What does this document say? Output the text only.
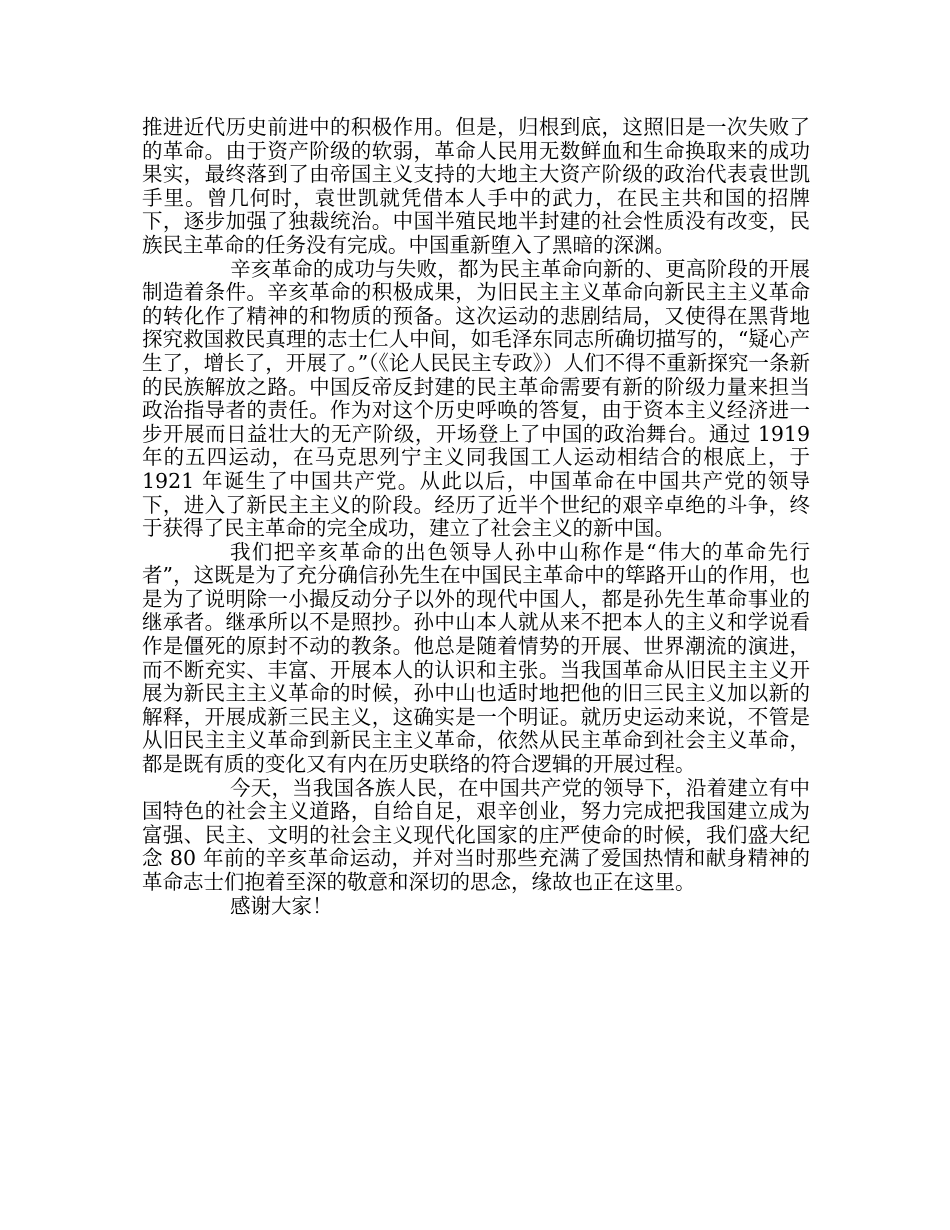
推进近代历史前进中的积极作用。但是，归根到底，这照旧是一次失败了的革命。由于资产阶级的软弱，革命人民用无数鲜血和生命换取来的成功果实，最终落到了由帝国主义支持的大地主大资产阶级的政治代表袁世凯手里。曾几何时，袁世凯就凭借本人手中的武力，在民主共和国的招牌下，逐步加强了独裁统治。中国半殖民地半封建的社会性质没有改变，民族民主革命的任务没有完成。中国重新堕入了黑暗的深渊。

辛亥革命的成功与失败，都为民主革命向新的、更高阶段的开展制造着条件。辛亥革命的积极成果，为旧民主主义革命向新民主主义革命的转化作了精神的和物质的预备。这次运动的悲剧结局，又使得在黑背地探究救国救民真理的志士仁人中间，如毛泽东同志所确切描写的，“疑心产生了，增长了，开展了。”（《论人民民主专政》）人们不得不重新探究一条新的民族解放之路。中国反帝反封建的民主革命需要有新的阶级力量来担当政治指导者的责任。作为对这个历史呼唤的答复，由于资本主义经济进一步开展而日益壮大的无产阶级，开场登上了中国的政治舞台。通过 1919 年的五四运动，在马克思列宁主义同我国工人运动相结合的根底上，于 1921 年诞生了中国共产党。从此以后，中国革命在中国共产党的领导下，进入了新民主主义的阶段。经历了近半个世纪的艰辛卓绝的斗争，终于获得了民主革命的完全成功，建立了社会主义的新中国。

我们把辛亥革命的出色领导人孙中山称作是“伟大的革命先行者”，这既是为了充分确信孙先生在中国民主革命中的筚路开山的作用，也是为了说明除一小撮反动分子以外的现代中国人，都是孙先生革命事业的继承者。继承所以不是照抄。孙中山本人就从来不把本人的主义和学说看作是僵死的原封不动的教条。他总是随着情势的开展、世界潮流的演进，而不断充实、丰富、开展本人的认识和主张。当我国革命从旧民主主义开展为新民主主义革命的时候，孙中山也适时地把他的旧三民主义加以新的解释，开展成新三民主义，这确实是一个明证。就历史运动来说，不管是从旧民主主义革命到新民主主义革命，依然从民主革命到社会主义革命，都是既有质的变化又有内在历史联络的符合逻辑的开展过程。

今天，当我国各族人民，在中国共产党的领导下，沿着建立有中国特色的社会主义道路，自给自足，艰辛创业，努力完成把我国建立成为富强、民主、文明的社会主义现代化国家的庄严使命的时候，我们盛大纪念 80 年前的辛亥革命运动，并对当时那些充满了爱国热情和献身精神的革命志士们抱着至深的敬意和深切的思念，缘故也正在这里。

感谢大家！
